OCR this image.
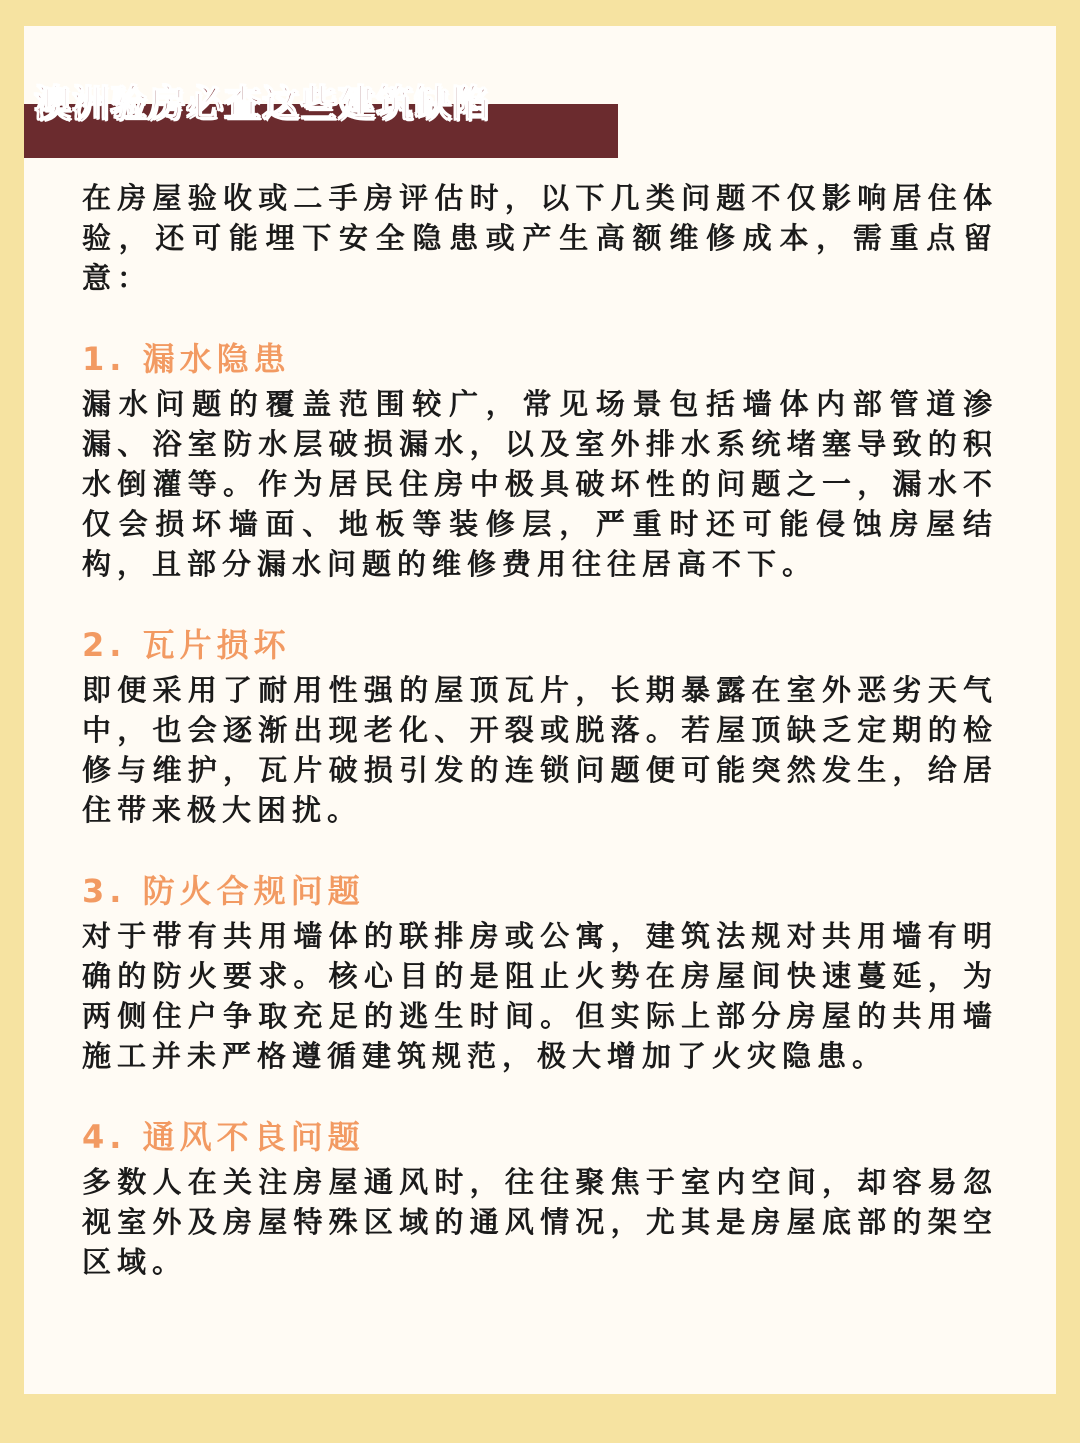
澳洲验房必查这些建筑缺陷

在房屋验收或二手房评估时，以下几类问题不仅影响居住体验，还可能埋下安全隐患或产生高额维修成本，需重点留意：

1. 漏水隐患

漏水问题的覆盖范围较广，常见场景包括墙体内部管道渗漏、浴室防水层破损漏水，以及室外排水系统堵塞导致的积水倒灌等。作为居民住房中极具破坏性的问题之一，漏水不仅会损坏墙面、地板等装修层，严重时还可能侵蚀房屋结构，且部分漏水问题的维修费用往往居高不下。

2. 瓦片损坏

即便采用了耐用性强的屋顶瓦片，长期暴露在室外恶劣天气中，也会逐渐出现老化、开裂或脱落。若屋顶缺乏定期的检修与维护，瓦片破损引发的连锁问题便可能突然发生，给居住带来极大困扰。

3. 防火合规问题

对于带有共用墙体的联排房或公寓，建筑法规对共用墙有明确的防火要求。核心目的是阻止火势在房屋间快速蔓延，为两侧住户争取充足的逃生时间。但实际上部分房屋的共用墙施工并未严格遵循建筑规范，极大增加了火灾隐患。

4. 通风不良问题

多数人在关注房屋通风时，往往聚焦于室内空间，却容易忽视室外及房屋特殊区域的通风情况，尤其是房屋底部的架空区域。
